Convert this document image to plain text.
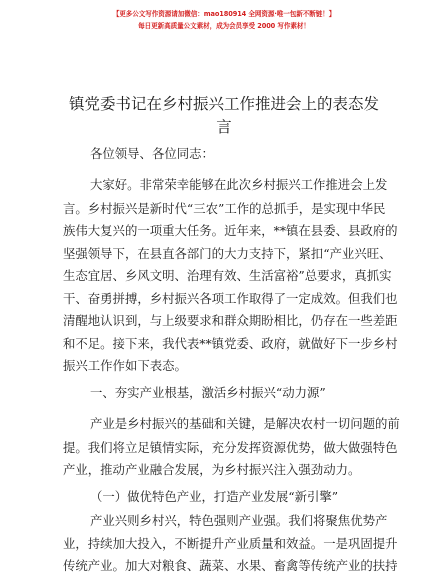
【更多公文写作资源请加微信：mao180914 全网资源·唯一包新不断链！】
每日更新高质量公文素材，成为会员享受 2000 写作素材！
镇党委书记在乡村振兴工作推进会上的表态发言
各位领导、各位同志：
大家好。非常荣幸能够在此次乡村振兴工作推进会上发
言。乡村振兴是新时代“三农”工作的总抓手，是实现中华民
族伟大复兴的一项重大任务。近年来，**镇在县委、县政府的
坚强领导下，在县直各部门的大力支持下，紧扣“产业兴旺、
生态宜居、乡风文明、治理有效、生活富裕”总要求，真抓实
干、奋勇拼搏，乡村振兴各项工作取得了一定成效。但我们也
清醒地认识到，与上级要求和群众期盼相比，仍存在一些差距
和不足。接下来，我代表**镇党委、政府，就做好下一步乡村
振兴工作作如下表态。
一、夯实产业根基，激活乡村振兴“动力源”
产业是乡村振兴的基础和关键，是解决农村一切问题的前
提。我们将立足镇情实际，充分发挥资源优势，做大做强特色
产业，推动产业融合发展，为乡村振兴注入强劲动力。
（一）做优特色产业，打造产业发展“新引擎”
产业兴则乡村兴，特色强则产业强。我们将聚焦优势产
业，持续加大投入，不断提升产业质量和效益。一是巩固提升
传统产业。加大对粮食、蔬菜、水果、畜禽等传统产业的扶持
